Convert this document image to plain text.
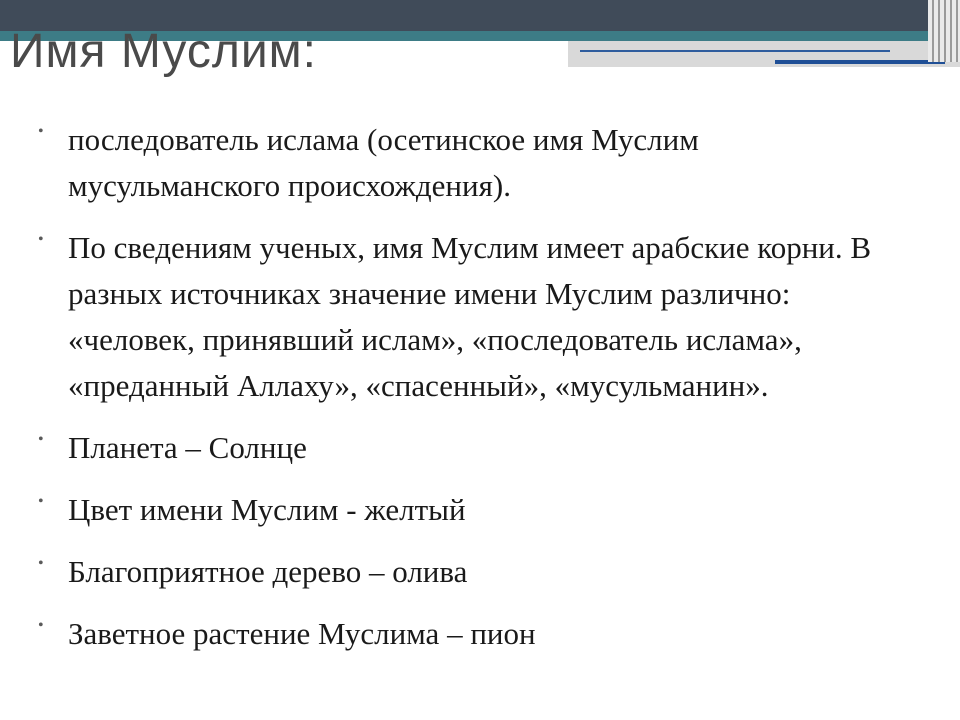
Имя Муслим:
• последователь ислама (осетинское имя Муслим мусульманского происхождения).
• По сведениям ученых, имя Муслим имеет арабские корни. В разных источниках значение имени Муслим различно: «человек, принявший ислам», «последователь ислама», «преданный Аллаху», «спасенный», «мусульманин».
• Планета – Солнце
• Цвет имени Муслим - желтый
• Благоприятное дерево – олива
• Заветное растение Муслима – пион
